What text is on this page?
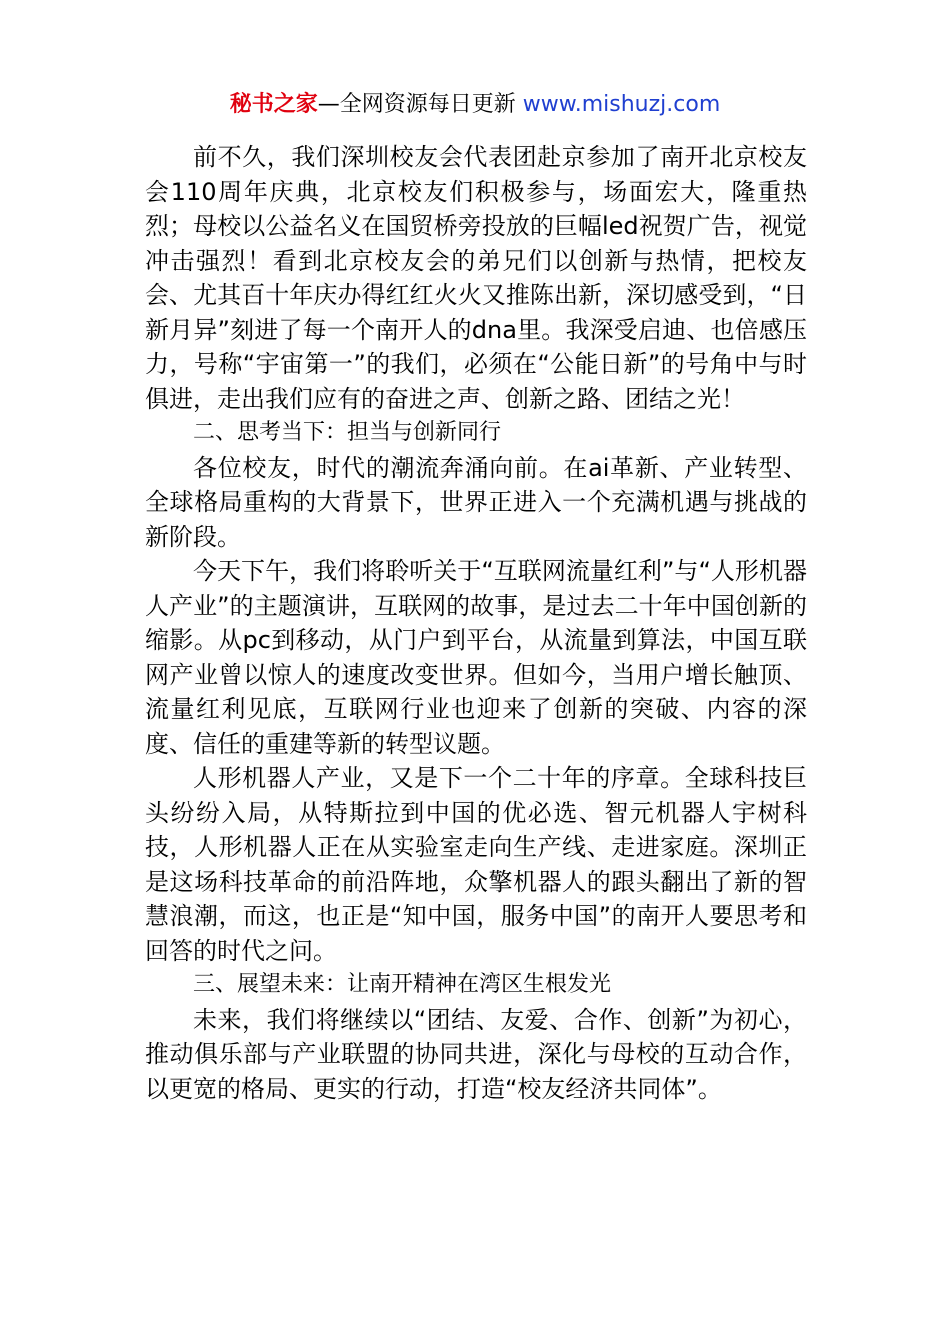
秘书之家—全网资源每日更新 www.mishuzj.com

前不久，我们深圳校友会代表团赴京参加了南开北京校友会110周年庆典，北京校友们积极参与，场面宏大，隆重热烈；母校以公益名义在国贸桥旁投放的巨幅led祝贺广告，视觉冲击强烈！看到北京校友会的弟兄们以创新与热情，把校友会、尤其百十年庆办得红红火火又推陈出新，深切感受到，“日新月异”刻进了每一个南开人的dna里。我深受启迪、也倍感压力，号称“宇宙第一”的我们，必须在“公能日新”的号角中与时俱进，走出我们应有的奋进之声、创新之路、团结之光！

二、思考当下：担当与创新同行

各位校友，时代的潮流奔涌向前。在ai革新、产业转型、全球格局重构的大背景下，世界正进入一个充满机遇与挑战的新阶段。

今天下午，我们将聆听关于“互联网流量红利”与“人形机器人产业”的主题演讲，互联网的故事，是过去二十年中国创新的缩影。从pc到移动，从门户到平台，从流量到算法，中国互联网产业曾以惊人的速度改变世界。但如今，当用户增长触顶、流量红利见底，互联网行业也迎来了创新的突破、内容的深度、信任的重建等新的转型议题。

人形机器人产业，又是下一个二十年的序章。全球科技巨头纷纷入局，从特斯拉到中国的优必选、智元机器人宇树科技，人形机器人正在从实验室走向生产线、走进家庭。深圳正是这场科技革命的前沿阵地，众擎机器人的跟头翻出了新的智慧浪潮，而这，也正是“知中国，服务中国”的南开人要思考和回答的时代之问。

三、展望未来：让南开精神在湾区生根发光

未来，我们将继续以“团结、友爱、合作、创新”为初心，推动俱乐部与产业联盟的协同共进，深化与母校的互动合作，以更宽的格局、更实的行动，打造“校友经济共同体”。
